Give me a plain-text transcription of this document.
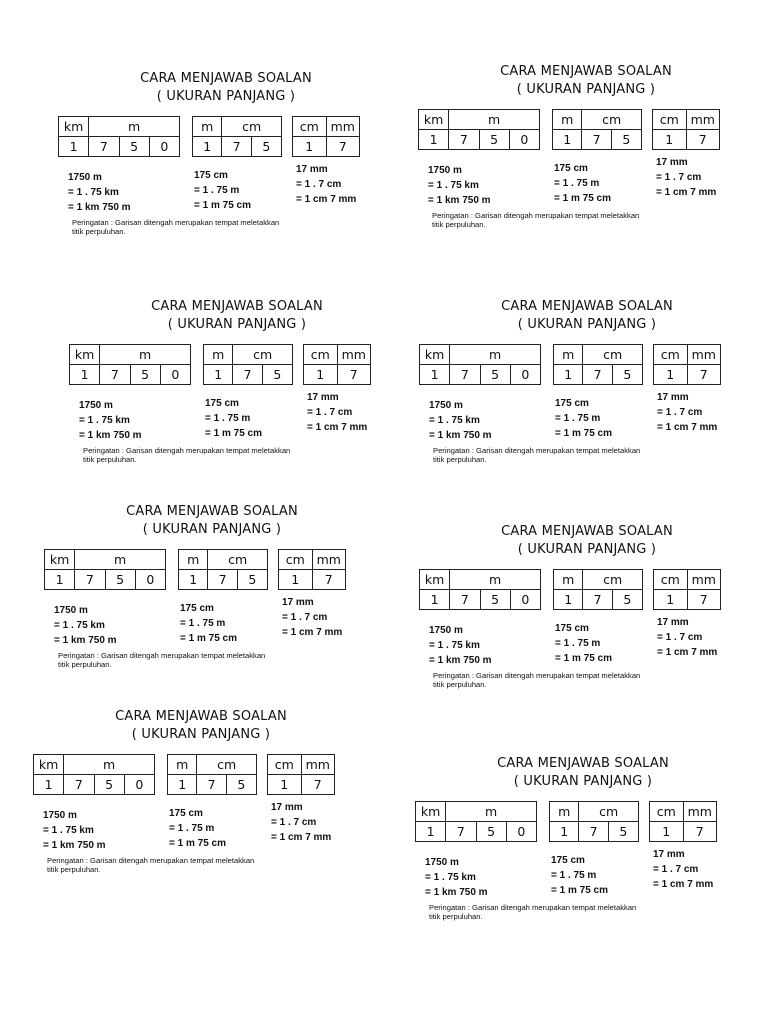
CARA MENJAWAB SOALAN
( UKURAN PANJANG )
km	m		
1	7	5	0
m	cm	
1	7	5
cm	mm
1	7
1750 m
= 1 . 75 km
= 1 km 750 m
175 cm
= 1 . 75 m
= 1 m 75 cm
17 mm
= 1 . 7 cm
= 1 cm 7 mm
Peringatan : Garisan ditengah merupakan tempat meletakkan
titik perpuluhan.
CARA MENJAWAB SOALAN
( UKURAN PANJANG )
km	m		
1	7	5	0
m	cm	
1	7	5
cm	mm
1	7
1750 m
= 1 . 75 km
= 1 km 750 m
175 cm
= 1 . 75 m
= 1 m 75 cm
17 mm
= 1 . 7 cm
= 1 cm 7 mm
Peringatan : Garisan ditengah merupakan tempat meletakkan
titik perpuluhan.
CARA MENJAWAB SOALAN
( UKURAN PANJANG )
km	m		
1	7	5	0
m	cm	
1	7	5
cm	mm
1	7
1750 m
= 1 . 75 km
= 1 km 750 m
175 cm
= 1 . 75 m
= 1 m 75 cm
17 mm
= 1 . 7 cm
= 1 cm 7 mm
Peringatan : Garisan ditengah merupakan tempat meletakkan
titik perpuluhan.
CARA MENJAWAB SOALAN
( UKURAN PANJANG )
km	m		
1	7	5	0
m	cm	
1	7	5
cm	mm
1	7
1750 m
= 1 . 75 km
= 1 km 750 m
175 cm
= 1 . 75 m
= 1 m 75 cm
17 mm
= 1 . 7 cm
= 1 cm 7 mm
Peringatan : Garisan ditengah merupakan tempat meletakkan
titik perpuluhan.
CARA MENJAWAB SOALAN
( UKURAN PANJANG )
km	m		
1	7	5	0
m	cm	
1	7	5
cm	mm
1	7
1750 m
= 1 . 75 km
= 1 km 750 m
175 cm
= 1 . 75 m
= 1 m 75 cm
17 mm
= 1 . 7 cm
= 1 cm 7 mm
Peringatan : Garisan ditengah merupakan tempat meletakkan
titik perpuluhan.
CARA MENJAWAB SOALAN
( UKURAN PANJANG )
km	m		
1	7	5	0
m	cm	
1	7	5
cm	mm
1	7
1750 m
= 1 . 75 km
= 1 km 750 m
175 cm
= 1 . 75 m
= 1 m 75 cm
17 mm
= 1 . 7 cm
= 1 cm 7 mm
Peringatan : Garisan ditengah merupakan tempat meletakkan
titik perpuluhan.
CARA MENJAWAB SOALAN
( UKURAN PANJANG )
km	m		
1	7	5	0
m	cm	
1	7	5
cm	mm
1	7
1750 m
= 1 . 75 km
= 1 km 750 m
175 cm
= 1 . 75 m
= 1 m 75 cm
17 mm
= 1 . 7 cm
= 1 cm 7 mm
Peringatan : Garisan ditengah merupakan tempat meletakkan
titik perpuluhan.
CARA MENJAWAB SOALAN
( UKURAN PANJANG )
km	m		
1	7	5	0
m	cm	
1	7	5
cm	mm
1	7
1750 m
= 1 . 75 km
= 1 km 750 m
175 cm
= 1 . 75 m
= 1 m 75 cm
17 mm
= 1 . 7 cm
= 1 cm 7 mm
Peringatan : Garisan ditengah merupakan tempat meletakkan
titik perpuluhan.
